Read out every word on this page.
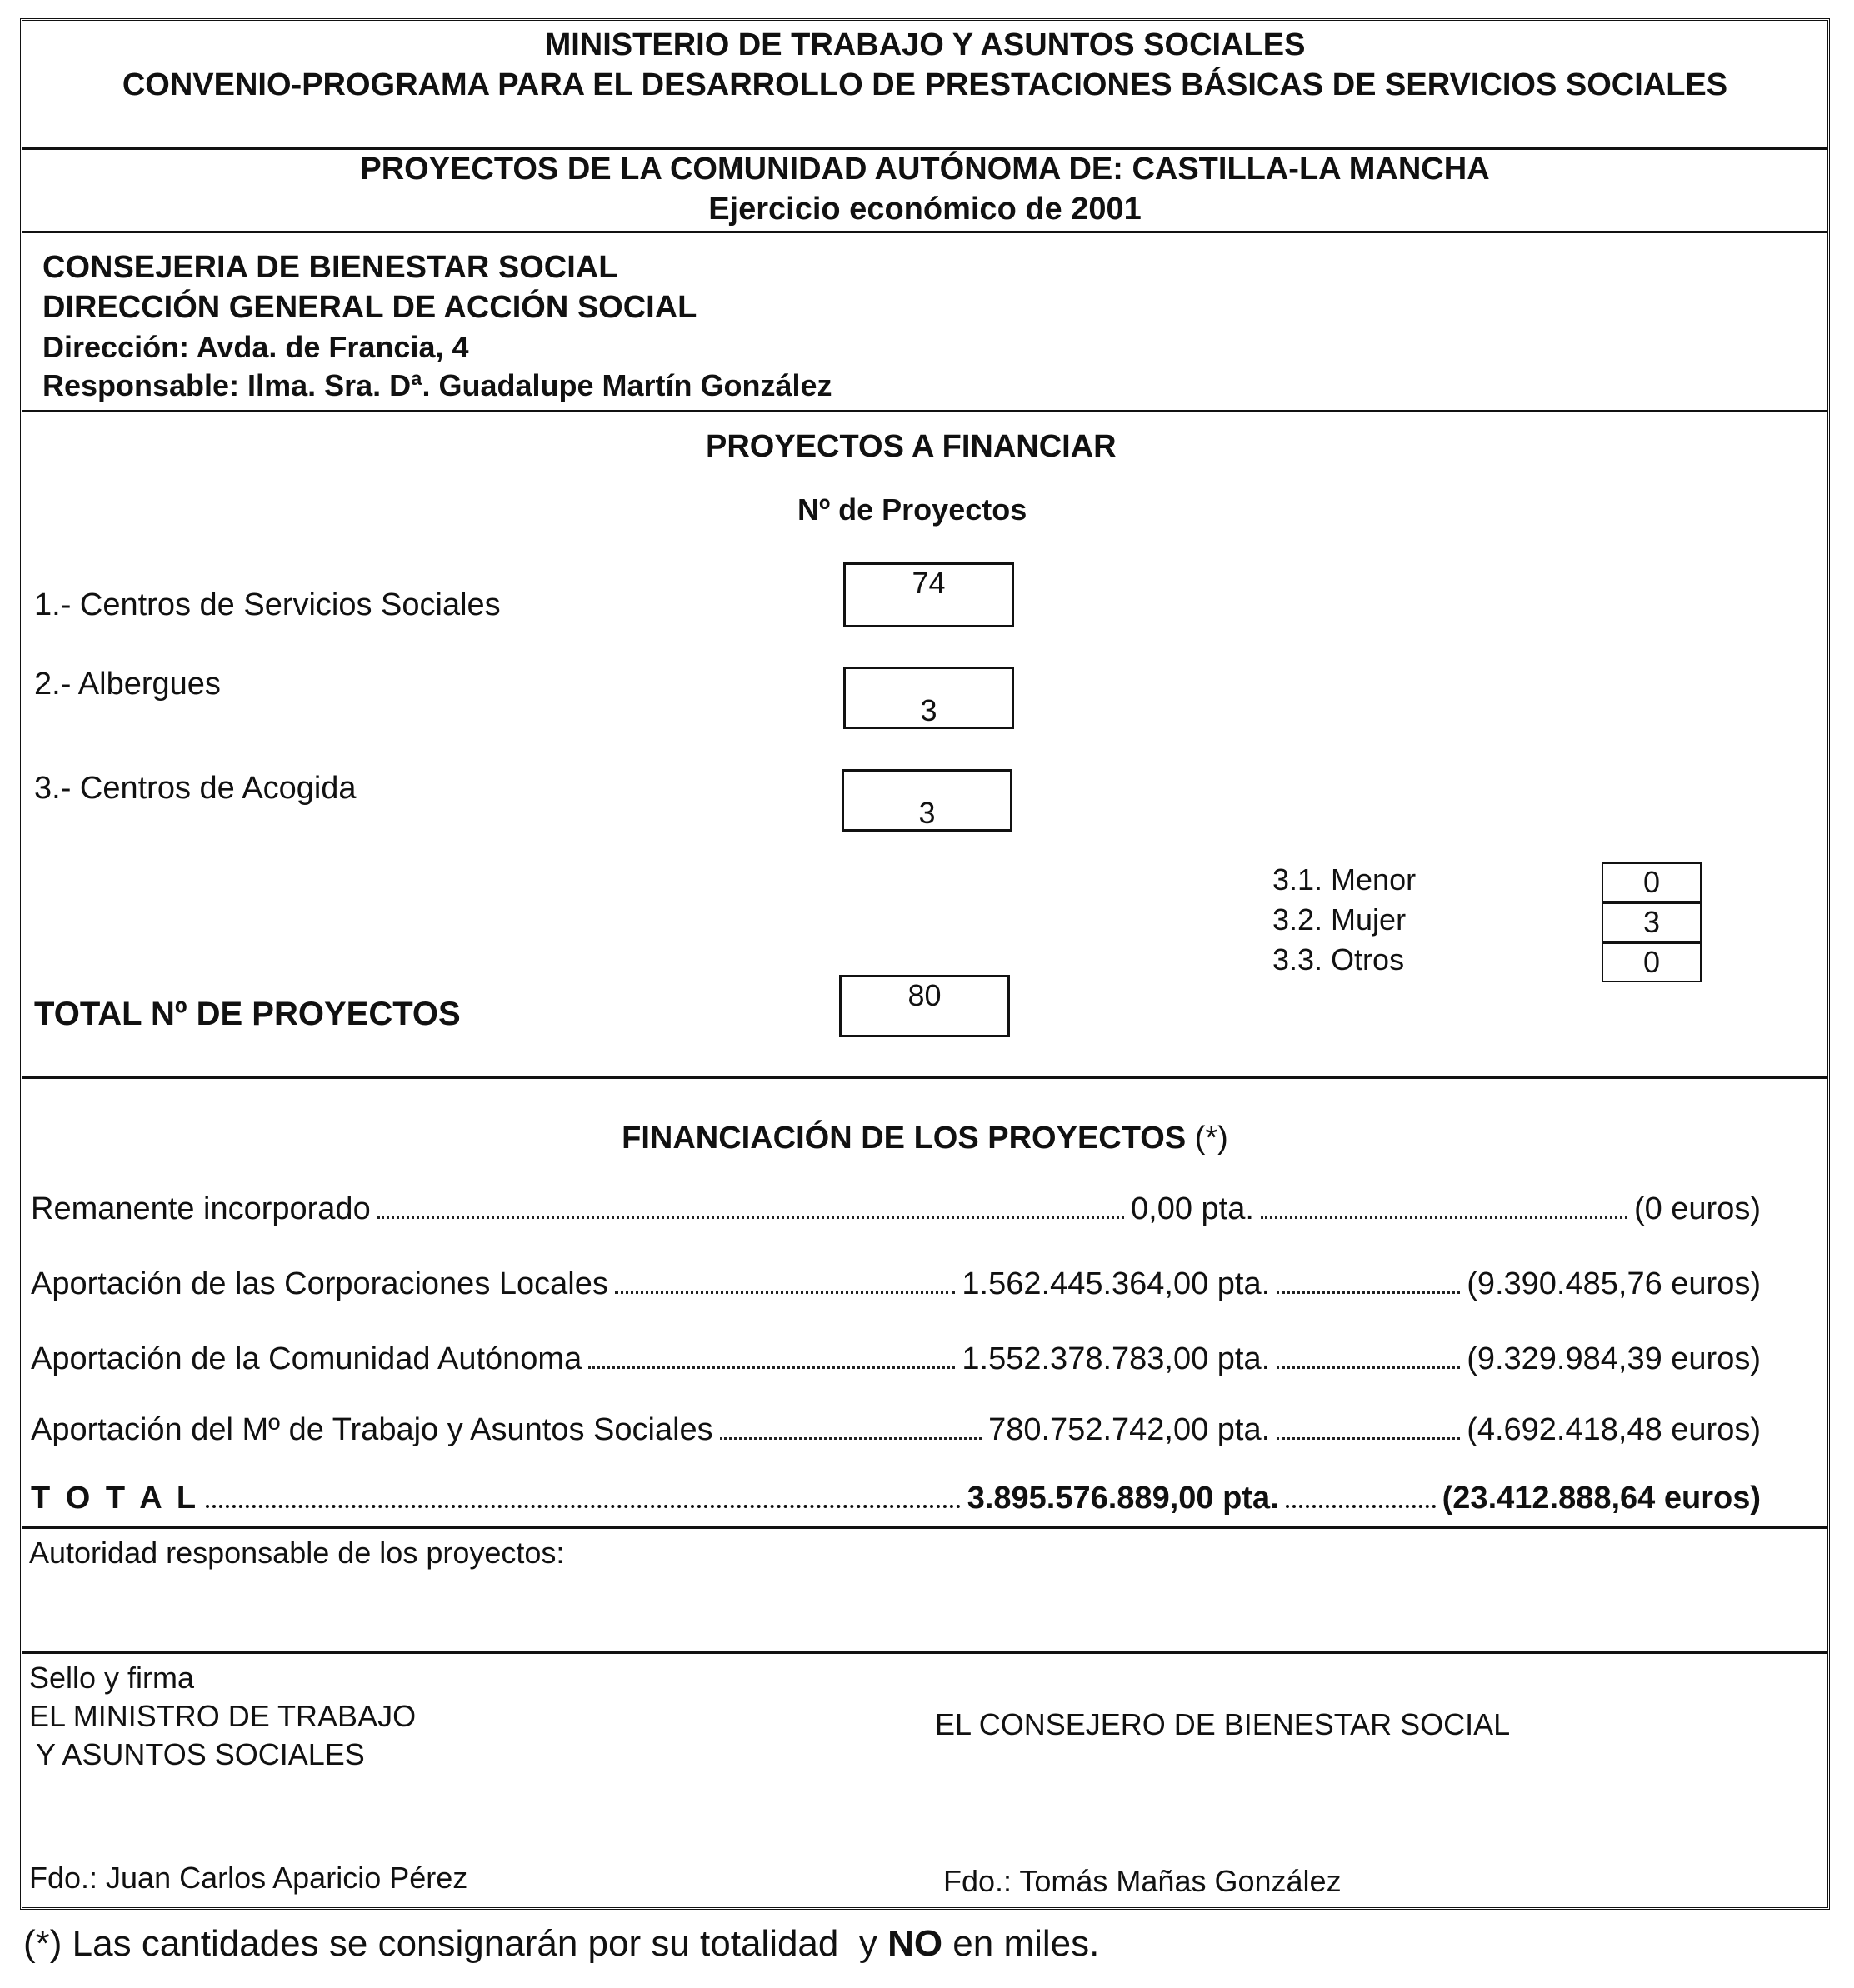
MINISTERIO DE TRABAJO Y ASUNTOS SOCIALES
CONVENIO-PROGRAMA PARA EL DESARROLLO DE PRESTACIONES BÁSICAS DE SERVICIOS SOCIALES
PROYECTOS DE LA COMUNIDAD AUTÓNOMA DE: CASTILLA-LA MANCHA
Ejercicio económico de 2001
CONSEJERIA DE BIENESTAR SOCIAL
DIRECCIÓN GENERAL DE ACCIÓN SOCIAL
Dirección: Avda. de Francia, 4
Responsable: Ilma. Sra. Dª. Guadalupe Martín González
PROYECTOS A FINANCIAR
Nº de Proyectos
1.- Centros de Servicios Sociales
74
2.- Albergues
3
3.- Centros de Acogida
3
3.1. Menor	0
3.2. Mujer	3
3.3. Otros	0
TOTAL Nº DE PROYECTOS
80
FINANCIACIÓN DE LOS PROYECTOS (*)
Remanente incorporado	0,00 pta.	(0 euros)
Aportación de las Corporaciones Locales	1.562.445.364,00 pta.	(9.390.485,76 euros)
Aportación de la Comunidad Autónoma	1.552.378.783,00 pta.	(9.329.984,39 euros)
Aportación del Mº de Trabajo y Asuntos Sociales	780.752.742,00 pta.	(4.692.418,48 euros)
T O T A L	3.895.576.889,00 pta.	(23.412.888,64 euros)
Autoridad responsable de los proyectos:
Sello y firma
EL MINISTRO DE TRABAJO
Y ASUNTOS SOCIALES
EL CONSEJERO DE BIENESTAR SOCIAL
Fdo.: Juan Carlos Aparicio Pérez	Fdo.: Tomás Mañas González
(*) Las cantidades se consignarán por su totalidad  y NO en miles.
